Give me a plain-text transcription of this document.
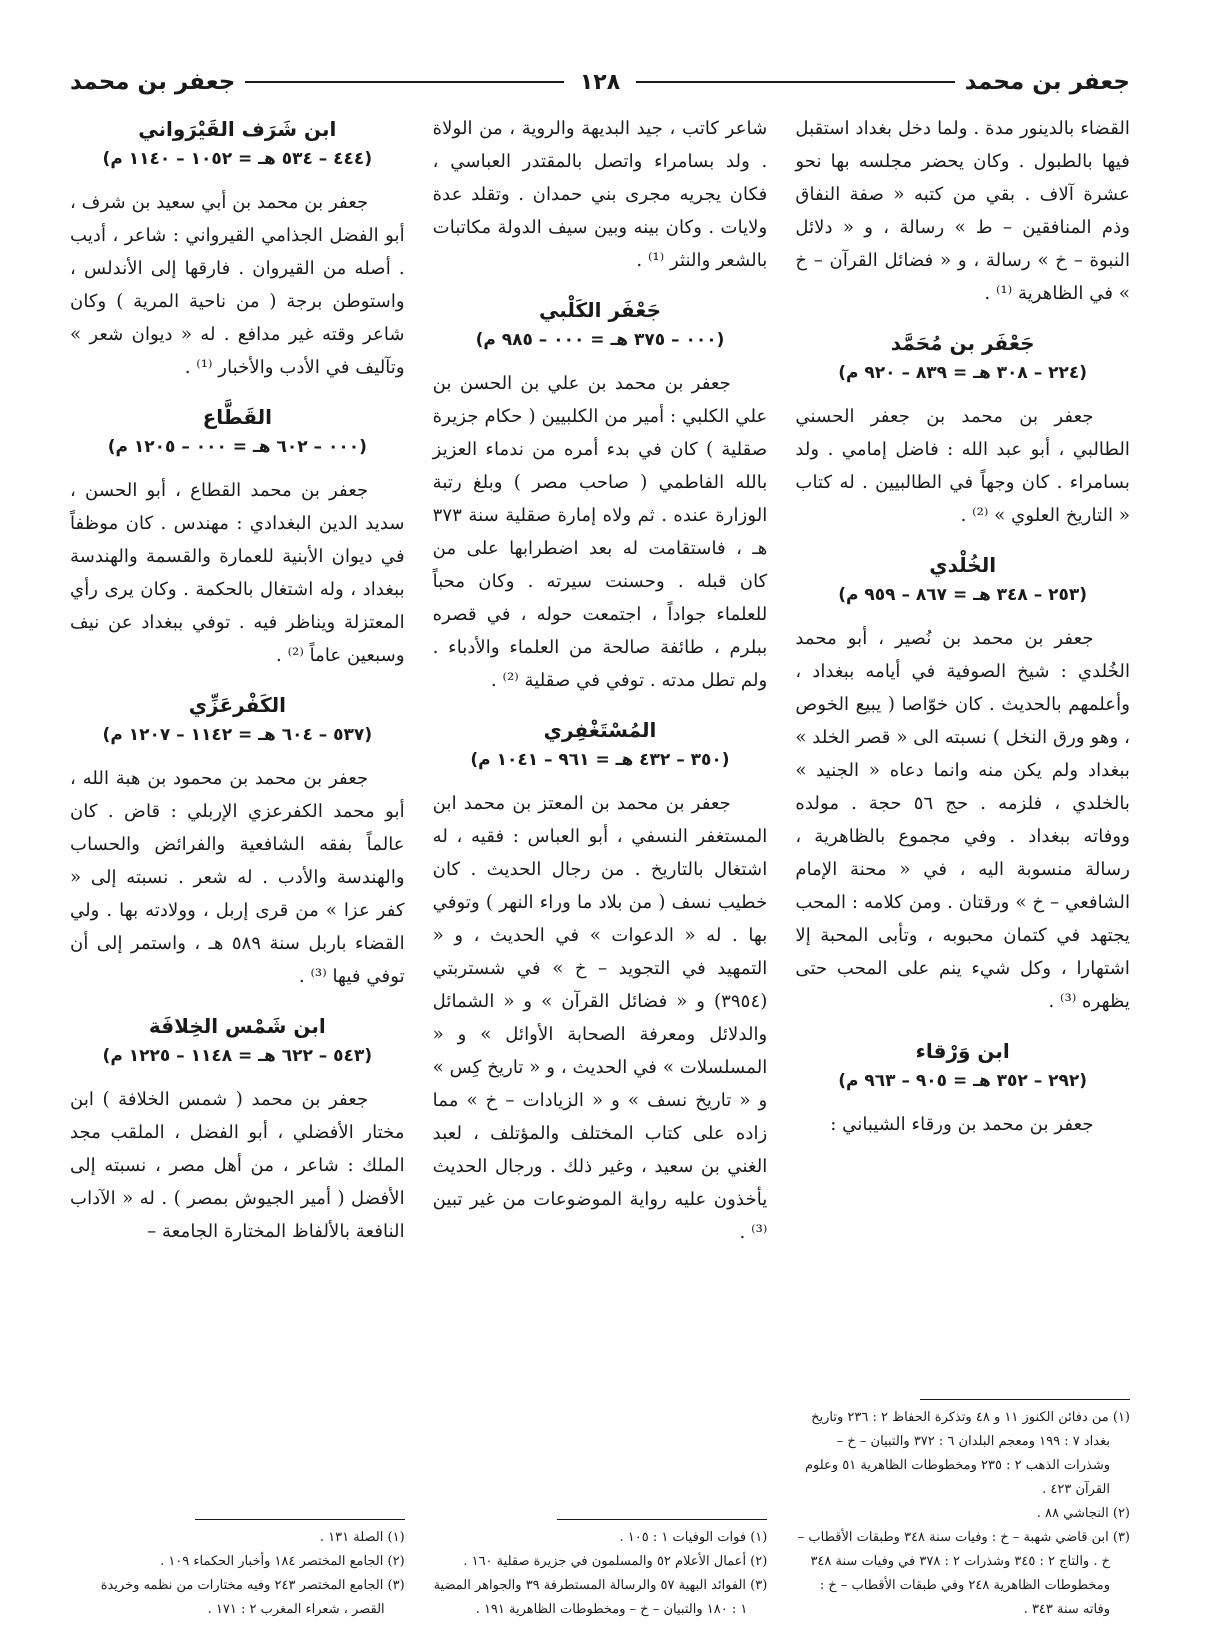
جعفر بن محمد
١٢٨
جعفر بن محمد

القضاء بالدينور مدة . ولما دخل بغداد استقبل فيها بالطبول . وكان يحضر مجلسه بها نحو عشرة آلاف . بقي من كتبه « صفة النفاق وذم المنافقين – ط » رسالة ، و « دلائل النبوة – خ » رسالة ، و « فضائل القرآن – خ » في الظاهرية ⁽¹⁾ .

جَعْفَر بن مُحَمَّد
(٢٢٤ – ٣٠٨ هـ = ٨٣٩ – ٩٢٠ م)

جعفر بن محمد بن جعفر الحسني الطالبي ، أبو عبد الله : فاضل إمامي . ولد بسامراء . كان وجهاً في الطالبيين . له كتاب « التاريخ العلوي » ⁽²⁾ .

الخُلْدي
(٢٥٣ – ٣٤٨ هـ = ٨٦٧ – ٩٥٩ م)

جعفر بن محمد بن نُصير ، أبو محمد الخُلدي : شيخ الصوفية في أيامه ببغداد ، وأعلمهم بالحديث . كان خوّاصا ( يبيع الخوص ، وهو ورق النخل ) نسبته الى « قصر الخلد » ببغداد ولم يكن منه وانما دعاه « الجنيد » بالخلدي ، فلزمه . حج ٥٦ حجة . مولده ووفاته ببغداد . وفي مجموع بالظاهرية ، رسالة منسوبة اليه ، في « محنة الإمام الشافعي – خ » ورقتان . ومن كلامه : المحب يجتهد في كتمان محبوبه ، وتأبى المحبة إلا اشتهارا ، وكل شيء ينم على المحب حتى يظهره ⁽³⁾ .

ابن وَرْقاء
(٢٩٢ – ٣٥٢ هـ = ٩٠٥ – ٩٦٣ م)

جعفر بن محمد بن ورقاء الشيباني :

(١) من دفائن الكنوز ١١ و ٤٨ وتذكرة الحفاظ ٢ : ٢٣٦ وتاريخ بغداد ٧ : ١٩٩ ومعجم البلدان ٦ : ٣٧٢ والتبيان – خ – وشذرات الذهب ٢ : ٢٣٥ ومخطوطات الظاهرية ٥١ وعلوم القرآن ٤٢٣ .

(٢) النجاشي ٨٨ .

(٣) ابن قاضي شهبة – خ : وفيات سنة ٣٤٨ وطبقات الأقطاب – خ . والتاج ٢ : ٣٤٥ وشذرات ٢ : ٣٧٨ في وفيات سنة ٣٤٨ ومخطوطات الظاهرية ٢٤٨ وفي طبقات الأقطاب – خ : وفاته سنة ٣٤٣ .

شاعر كاتب ، جيد البديهة والروية ، من الولاة . ولد بسامراء واتصل بالمقتدر العباسي ، فكان يجريه مجرى بني حمدان . وتقلد عدة ولايات . وكان بينه وبين سيف الدولة مكاتبات بالشعر والنثر ⁽¹⁾ .

جَعْفَر الكَلْبي
(٠٠٠ – ٣٧٥ هـ = ٠٠٠ – ٩٨٥ م)

جعفر بن محمد بن علي بن الحسن بن علي الكلبي : أمير من الكلبيين ( حكام جزيرة صقلية ) كان في بدء أمره من ندماء العزيز بالله الفاطمي ( صاحب مصر ) وبلغ رتبة الوزارة عنده . ثم ولاه إمارة صقلية سنة ٣٧٣ هـ ، فاستقامت له بعد اضطرابها على من كان قبله . وحسنت سيرته . وكان محباً للعلماء جواداً ، اجتمعت حوله ، في قصره ببلرم ، طائفة صالحة من العلماء والأدباء . ولم تطل مدته . توفي في صقلية ⁽²⁾ .

المُسْتَغْفِري
(٣٥٠ – ٤٣٢ هـ = ٩٦١ – ١٠٤١ م)

جعفر بن محمد بن المعتز بن محمد ابن المستغفر النسفي ، أبو العباس : فقيه ، له اشتغال بالتاريخ . من رجال الحديث . كان خطيب نسف ( من بلاد ما وراء النهر ) وتوفي بها . له « الدعوات » في الحديث ، و « التمهيد في التجويد – خ » في شستربتي (٣٩٥٤) و « فضائل القرآن » و « الشمائل والدلائل ومعرفة الصحابة الأوائل » و « المسلسلات » في الحديث ، و « تاريخ كِس » و « تاريخ نسف » و « الزيادات – خ » مما زاده على كتاب المختلف والمؤتلف ، لعبد الغني بن سعيد ، وغير ذلك . ورجال الحديث يأخذون عليه رواية الموضوعات من غير تبين ⁽³⁾ .

(١) فوات الوفيات ١ : ١٠٥ .

(٢) أعمال الأعلام ٥٢ والمسلمون في جزيرة صقلية ١٦٠ .

(٣) الفوائد البهية ٥٧ والرسالة المستطرفة ٣٩ والجواهر المضية ١ : ١٨٠ والتبيان – خ – ومخطوطات الظاهرية ١٩١ .

ابن شَرَف القَيْرَواني
(٤٤٤ – ٥٣٤ هـ = ١٠٥٢ – ١١٤٠ م)

جعفر بن محمد بن أبي سعيد بن شرف ، أبو الفضل الجذامي القيرواني : شاعر ، أديب . أصله من القيروان . فارقها إلى الأندلس ، واستوطن برجة ( من ناحية المرية ) وكان شاعر وقته غير مدافع . له « ديوان شعر » وتآليف في الأدب والأخبار ⁽¹⁾ .

القَطَّاع
(٠٠٠ – ٦٠٢ هـ = ٠٠٠ – ١٢٠٥ م)

جعفر بن محمد القطاع ، أبو الحسن ، سديد الدين البغدادي : مهندس . كان موظفاً في ديوان الأبنية للعمارة والقسمة والهندسة ببغداد ، وله اشتغال بالحكمة . وكان يرى رأي المعتزلة ويناظر فيه . توفي ببغداد عن نيف وسبعين عاماً ⁽²⁾ .

الكَفْرعَزِّي
(٥٣٧ – ٦٠٤ هـ = ١١٤٢ – ١٢٠٧ م)

جعفر بن محمد بن محمود بن هبة الله ، أبو محمد الكفرعزي الإربلي : قاض . كان عالماً بفقه الشافعية والفرائض والحساب والهندسة والأدب . له شعر . نسبته إلى « كفر عزا » من قرى إربل ، وولادته بها . ولي القضاء باربل سنة ٥٨٩ هـ ، واستمر إلى أن توفي فيها ⁽³⁾ .

ابن شَمْس الخِلافَة
(٥٤٣ – ٦٢٢ هـ = ١١٤٨ – ١٢٢٥ م)

جعفر بن محمد ( شمس الخلافة ) ابن مختار الأفضلي ، أبو الفضل ، الملقب مجد الملك : شاعر ، من أهل مصر ، نسبته إلى الأفضل ( أمير الجيوش بمصر ) . له « الآداب النافعة بالألفاظ المختارة الجامعة –

(١) الصلة ١٣١ .

(٢) الجامع المختصر ١٨٤ وأخبار الحكماء ١٠٩ .

(٣) الجامع المختصر ٢٤٣ وفيه مختارات من نظمه وخريدة القصر ، شعراء المغرب ٢ : ١٧١ .
